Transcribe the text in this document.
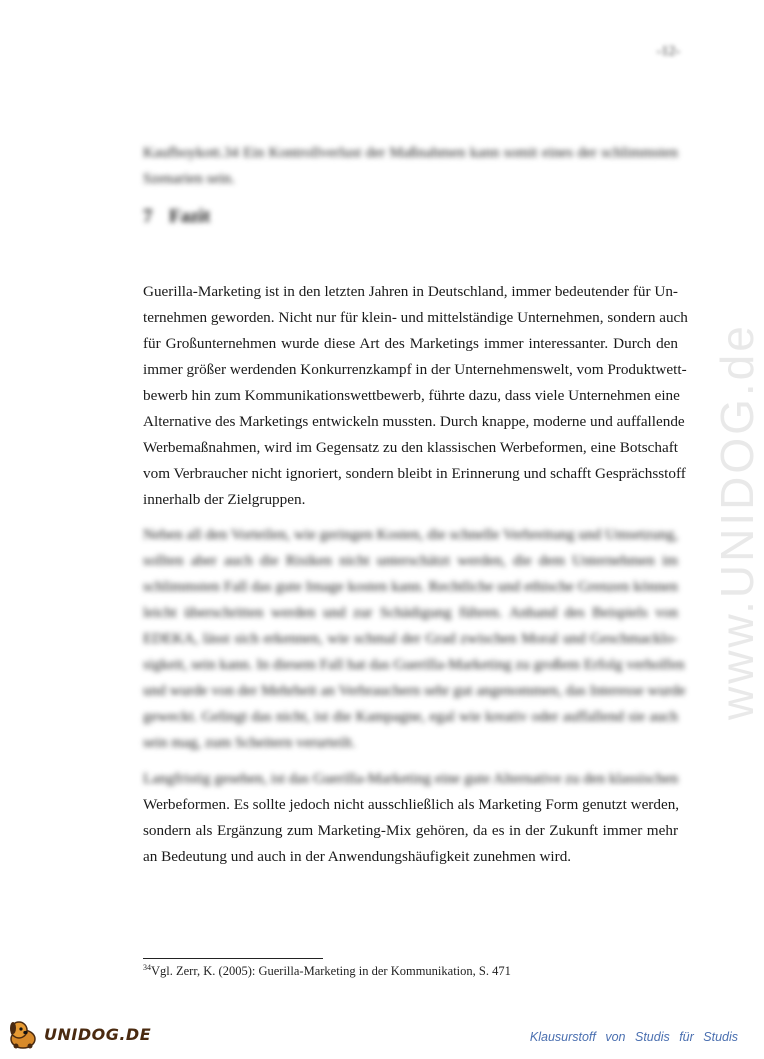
-12-
www.UNIDOG.de
Kaufboykott.34 Ein Kontrollverlust der Maßnahmen kann somit eines der schlimmsten
Szenarien sein.
7 Fazit
Guerilla-Marketing ist in den letzten Jahren in Deutschland, immer bedeutender für Un-
ternehmen geworden. Nicht nur für klein- und mittelständige Unternehmen, sondern auch
für Großunternehmen wurde diese Art des Marketings immer interessanter. Durch den
immer größer werdenden Konkurrenzkampf in der Unternehmenswelt, vom Produktwett-
bewerb hin zum Kommunikationswettbewerb, führte dazu, dass viele Unternehmen eine
Alternative des Marketings entwickeln mussten. Durch knappe, moderne und auffallende
Werbemaßnahmen, wird im Gegensatz zu den klassischen Werbeformen, eine Botschaft
vom Verbraucher nicht ignoriert, sondern bleibt in Erinnerung und schafft Gesprächsstoff
innerhalb der Zielgruppen.
Neben all den Vorteilen, wie geringen Kosten, die schnelle Verbreitung und Umsetzung,
sollten aber auch die Risiken nicht unterschätzt werden, die dem Unternehmen im
schlimmsten Fall das gute Image kosten kann. Rechtliche und ethische Grenzen können
leicht überschritten werden und zur Schädigung führen. Anhand des Beispiels von
EDEKA, lässt sich erkennen, wie schmal der Grad zwischen Moral und Geschmacklo-
sigkeit, sein kann. In diesem Fall hat das Guerilla-Marketing zu großem Erfolg verholfen
und wurde von der Mehrheit an Verbrauchern sehr gut angenommen, das Interesse wurde
geweckt. Gelingt das nicht, ist die Kampagne, egal wie kreativ oder auffallend sie auch
sein mag, zum Scheitern verurteilt.
Langfristig gesehen, ist das Guerilla-Marketing eine gute Alternative zu den klassischen
Werbeformen. Es sollte jedoch nicht ausschließlich als Marketing Form genutzt werden,
sondern als Ergänzung zum Marketing-Mix gehören, da es in der Zukunft immer mehr
an Bedeutung und auch in der Anwendungshäufigkeit zunehmen wird.
$^{34}$Vgl. Zerr, K. (2005): Guerilla-Marketing in der Kommunikation, S. 471
UNIDOG.DE	Klausurstoff von Studis für Studis
